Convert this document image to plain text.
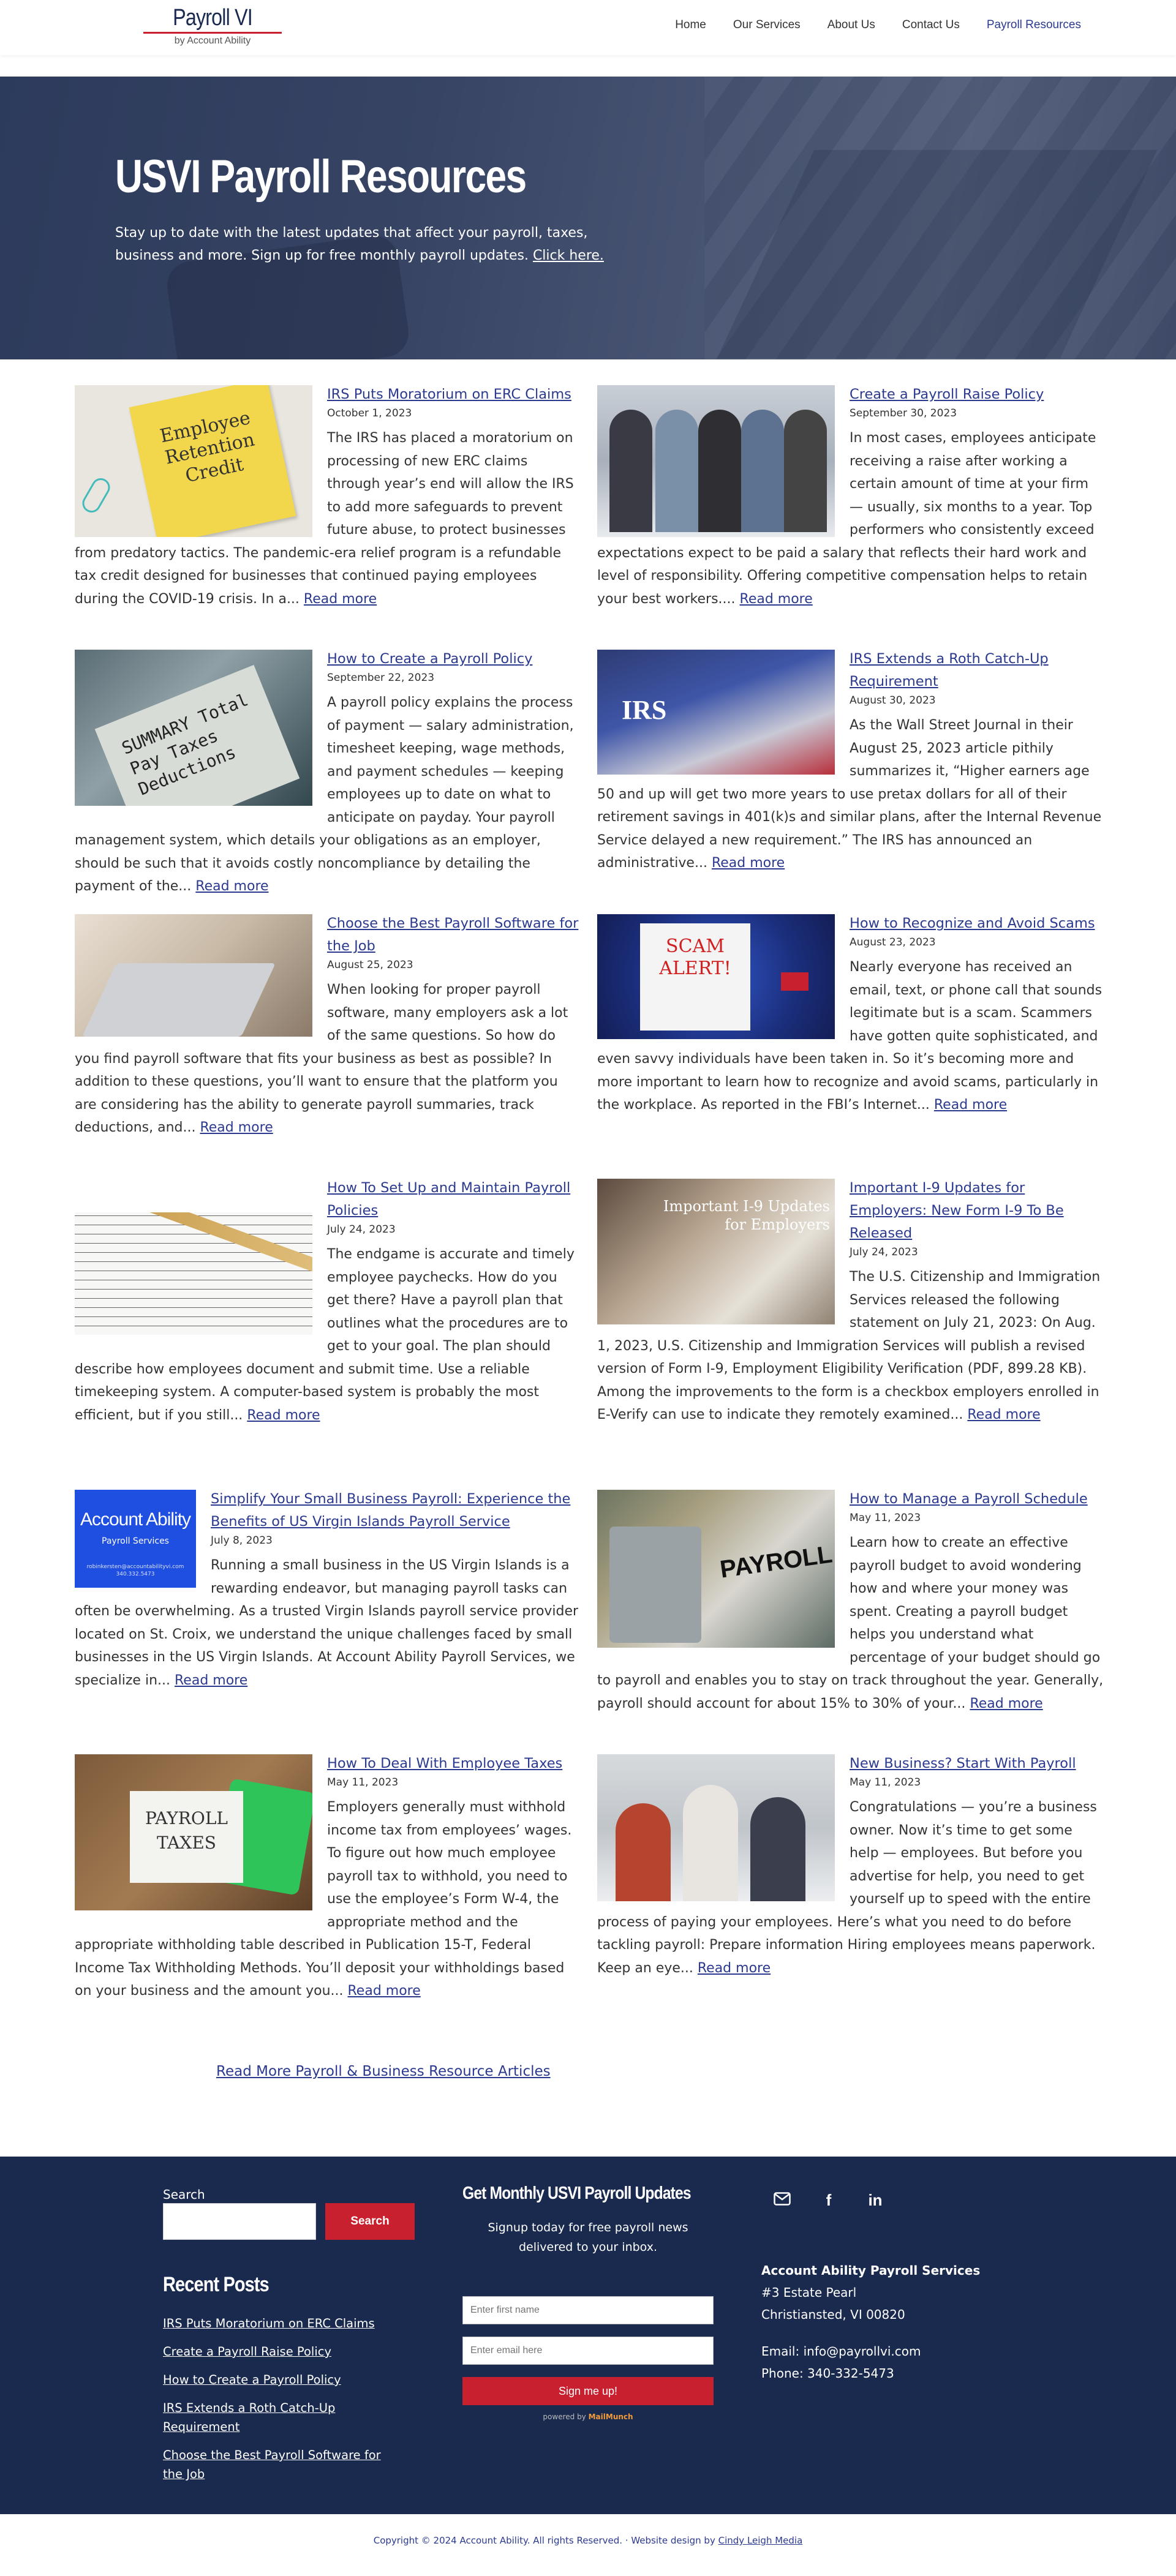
Payroll VI
by Account Ability
Home	Our Services	About Us	Contact Us	Payroll Resources
USVI Payroll Resources

Stay up to date with the latest updates that affect your payroll, taxes, business and more. Sign up for free monthly payroll updates. Click here.

Employee Retention Credit
IRS Puts Moratorium on ERC Claims
October 1, 2023
The IRS has placed a moratorium on processing of new ERC claims through year’s end will allow the IRS to add more safeguards to prevent future abuse, to protect businesses from predatory tactics. The pandemic-era relief program is a refundable tax credit designed for businesses that continued paying employees during the COVID-19 crisis. In a... Read more
Create a Payroll Raise Policy
September 30, 2023
In most cases, employees anticipate receiving a raise after working a certain amount of time at your firm — usually, six months to a year. Top performers who consistently exceed expectations expect to be paid a salary that reflects their hard work and level of responsibility. Offering competitive compensation helps to retain your best workers.... Read more
SUMMARY Total Pay Taxes Deductions
How to Create a Payroll Policy
September 22, 2023
A payroll policy explains the process of payment — salary administration, timesheet keeping, wage methods, and payment schedules — keeping employees up to date on what to anticipate on payday. Your payroll management system, which details your obligations as an employer, should be such that it avoids costly noncompliance by detailing the payment of the... Read more
IRS
IRS Extends a Roth Catch-Up Requirement
August 30, 2023
As the Wall Street Journal in their August 25, 2023 article pithily summarizes it, “Higher earners age 50 and up will get two more years to use pretax dollars for all of their retirement savings in 401(k)s and similar plans, after the Internal Revenue Service delayed a new requirement.” The IRS has announced an administrative... Read more
Choose the Best Payroll Software for the Job
August 25, 2023
When looking for proper payroll software, many employers ask a lot of the same questions. So how do you find payroll software that fits your business as best as possible? In addition to these questions, you’ll want to ensure that the platform you are considering has the ability to generate payroll summaries, track deductions, and... Read more
SCAM ALERT!
How to Recognize and Avoid Scams
August 23, 2023
Nearly everyone has received an email, text, or phone call that sounds legitimate but is a scam. Scammers have gotten quite sophisticated, and even savvy individuals have been taken in. So it’s becoming more and more important to learn how to recognize and avoid scams, particularly in the workplace. As reported in the FBI’s Internet... Read more
How To Set Up and Maintain Payroll Policies
July 24, 2023
The endgame is accurate and timely employee paychecks. How do you get there? Have a payroll plan that outlines what the procedures are to get to your goal. The plan should describe how employees document and submit time. Use a reliable timekeeping system. A computer-based system is probably the most efficient, but if you still... Read more
Important I-9 Updates for Employers
Important I-9 Updates for Employers: New Form I-9 To Be Released
July 24, 2023
The U.S. Citizenship and Immigration Services released the following statement on July 21, 2023: On Aug. 1, 2023, U.S. Citizenship and Immigration Services will publish a revised version of Form I-9, Employment Eligibility Verification (PDF, 899.28 KB). Among the improvements to the form is a checkbox employers enrolled in E-Verify can use to indicate they remotely examined... Read more
Account Ability
Payroll Services
robinkersten@accountabilityvi.com 340.332.5473
Simplify Your Small Business Payroll: Experience the Benefits of US Virgin Islands Payroll Service
July 8, 2023
Running a small business in the US Virgin Islands is a rewarding endeavor, but managing payroll tasks can often be overwhelming. As a trusted Virgin Islands payroll service provider located on St. Croix, we understand the unique challenges faced by small businesses in the US Virgin Islands. At Account Ability Payroll Services, we specialize in... Read more
PAYROLL
How to Manage a Payroll Schedule
May 11, 2023
Learn how to create an effective payroll budget to avoid wondering how and where your money was spent. Creating a payroll budget helps you understand what percentage of your budget should go to payroll and enables you to stay on track throughout the year. Generally, payroll should account for about 15% to 30% of your... Read more
PAYROLL TAXES
How To Deal With Employee Taxes
May 11, 2023
Employers generally must withhold income tax from employees’ wages. To figure out how much employee payroll tax to withhold, you need to use the employee’s Form W-4, the appropriate method and the appropriate withholding table described in Publication 15-T, Federal Income Tax Withholding Methods. You’ll deposit your withholdings based on your business and the amount you... Read more
New Business? Start With Payroll
May 11, 2023
Congratulations — you’re a business owner. Now it’s time to get some help — employees. But before you advertise for help, you need to get yourself up to speed with the entire process of paying your employees. Here’s what you need to do before tackling payroll: Prepare information Hiring employees means paperwork. Keep an eye... Read more
Read More Payroll & Business Resource Articles
Search
Search
Recent Posts
IRS Puts Moratorium on ERC Claims
Create a Payroll Raise Policy
How to Create a Payroll Policy
IRS Extends a Roth Catch-Up Requirement
Choose the Best Payroll Software for the Job
Get Monthly USVI Payroll Updates

Signup today for free payroll news delivered to your inbox.

Enter first name
Enter email here
Sign me up!
powered by MailMunch
f	in
Account Ability Payroll Services
#3 Estate Pearl
Christiansted, VI 00820
Email: info@payrollvi.com
Phone: 340-332-5473
Copyright © 2024 Account Ability. All rights Reserved. · Website design by Cindy Leigh Media
